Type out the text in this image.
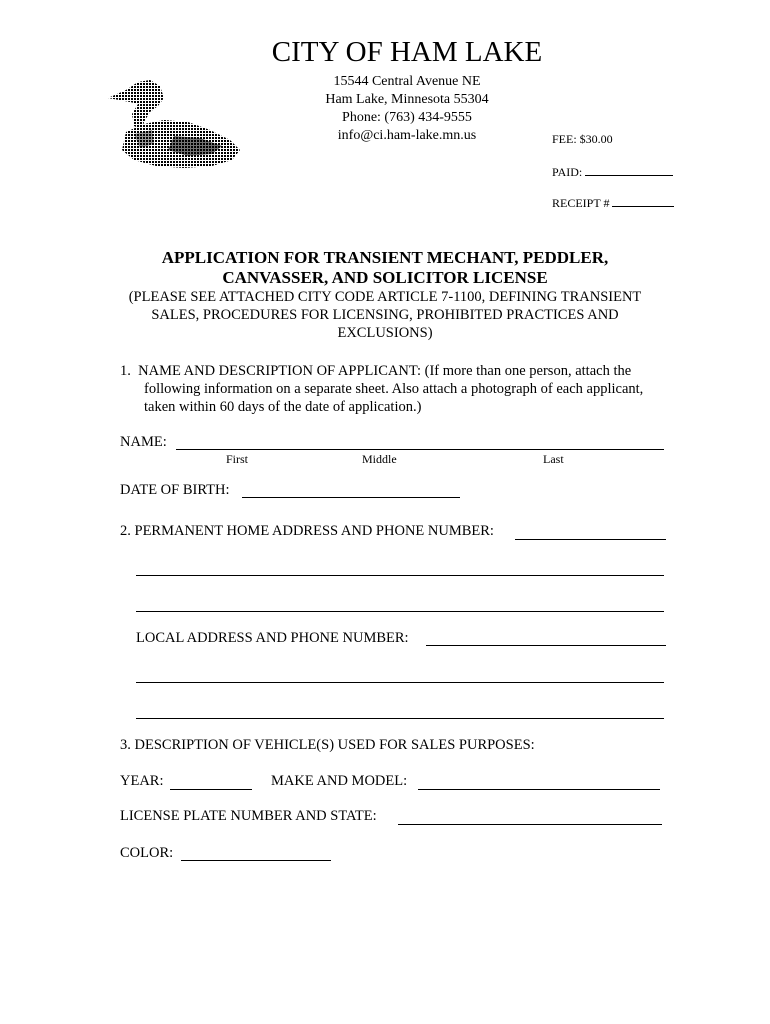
CITY OF HAM LAKE
15544 Central Avenue NE
Ham Lake, Minnesota 55304
Phone: (763) 434-9555
info@ci.ham-lake.mn.us	FEE: $30.00
PAID:
RECEIPT #
APPLICATION FOR TRANSIENT MECHANT, PEDDLER,
CANVASSER, AND SOLICITOR LICENSE
(PLEASE SEE ATTACHED CITY CODE ARTICLE 7-1100, DEFINING TRANSIENT
SALES, PROCEDURES FOR LICENSING, PROHIBITED PRACTICES AND
EXCLUSIONS)
1. NAME AND DESCRIPTION OF APPLICANT: (If more than one person, attach the
following information on a separate sheet. Also attach a photograph of each applicant,
taken within 60 days of the date of application.)
NAME:
First	Middle	Last
DATE OF BIRTH:
2. PERMANENT HOME ADDRESS AND PHONE NUMBER:
LOCAL ADDRESS AND PHONE NUMBER:
3. DESCRIPTION OF VEHICLE(S) USED FOR SALES PURPOSES:
YEAR:	MAKE AND MODEL:
LICENSE PLATE NUMBER AND STATE:
COLOR:
